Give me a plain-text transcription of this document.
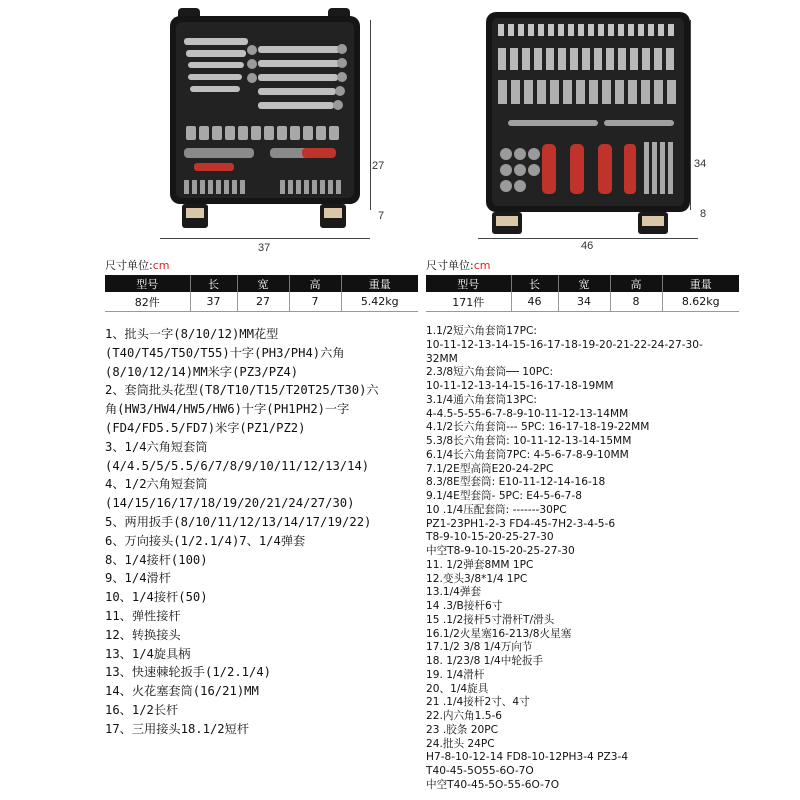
37
27
7
46
34
8
尺寸单位:cm	尺寸单位:cm
型号	长	宽	高	重量
82件	37	27	7	5.42kg
型号	长	宽	高	重量
171件	46	34	8	8.62kg
1、批头一字(8/10/12)MM花型
(T40/T45/T50/T55)十字(PH3/PH4)六角
(8/10/12/14)MM米字(PZ3/PZ4)
2、套筒批头花型(T8/T10/T15/T20T25/T30)六
角(HW3/HW4/HW5/HW6)十字(PH1PH2)一字
(FD4/FD5.5/FD7)米字(PZ1/PZ2)
3、1/4六角短套筒
(4/4.5/5/5.5/6/7/8/9/10/11/12/13/14)
4、1/2六角短套筒
(14/15/16/17/18/19/20/21/24/27/30)
5、两用扳手(8/10/11/12/13/14/17/19/22)
6、万向接头(1/2.1/4)7、1/4弹套
8、1/4接杆(100)
9、1/4滑杆
10、1/4接杆(50)
11、弹性接杆
12、转换接头
13、1/4旋具柄
13、快速棘轮扳手(1/2.1/4)
14、火花塞套筒(16/21)MM
16、1/2长杆
17、三用接头18.1/2短杆
1.1/2短六角套筒17PC:
10-11-12-13-14-15-16-17-18-19-20-21-22-24-27-30-
32MM
2.3/8短六角套筒── 10PC:
10-11-12-13-14-15-16-17-18-19MM
3.1/4通六角套筒13PC:
4-4.5-5-55-6-7-8-9-10-11-12-13-14MM
4.1/2长六角套筒--- 5PC: 16-17-18-19-22MM
5.3/8长六角套筒: 10-11-12-13-14-15MM
6.1/4长六角套筒7PC: 4-5-6-7-8-9-10MM
7.1/2E型高筒E20-24-2PC
8.3/8E型套筒: E10-11-12-14-16-18
9.1/4E型套筒- 5PC: E4-5-6-7-8
10 .1/4压配套筒: -------30PC
PZ1-23PH1-2-3 FD4-45-7H2-3-4-5-6
T8-9-10-15-20-25-27-30
中空T8-9-10-15-20-25-27-30
11. 1/2弹套8MM 1PC
12.变头3/8*1/4 1PC
13.1/4弹套
14 .3/B接杆6寸
15 .1/2接杆5寸滑杆T/滑头
16.1/2火星塞16-213/8火星塞
17.1/2 3/8 1/4万向节
18. 1/23/8 1/4中轮扳手
19. 1/4滑杆
20、1/4旋具
21 .1/4接杆2寸、4寸
22.内六角1.5-6
23 .胶条 20PC
24.批头 24PC
H7-8-10-12-14 FD8-10-12PH3-4 PZ3-4
T40-45-5O55-6O-7O
中空T40-45-5O-55-6O-7O
